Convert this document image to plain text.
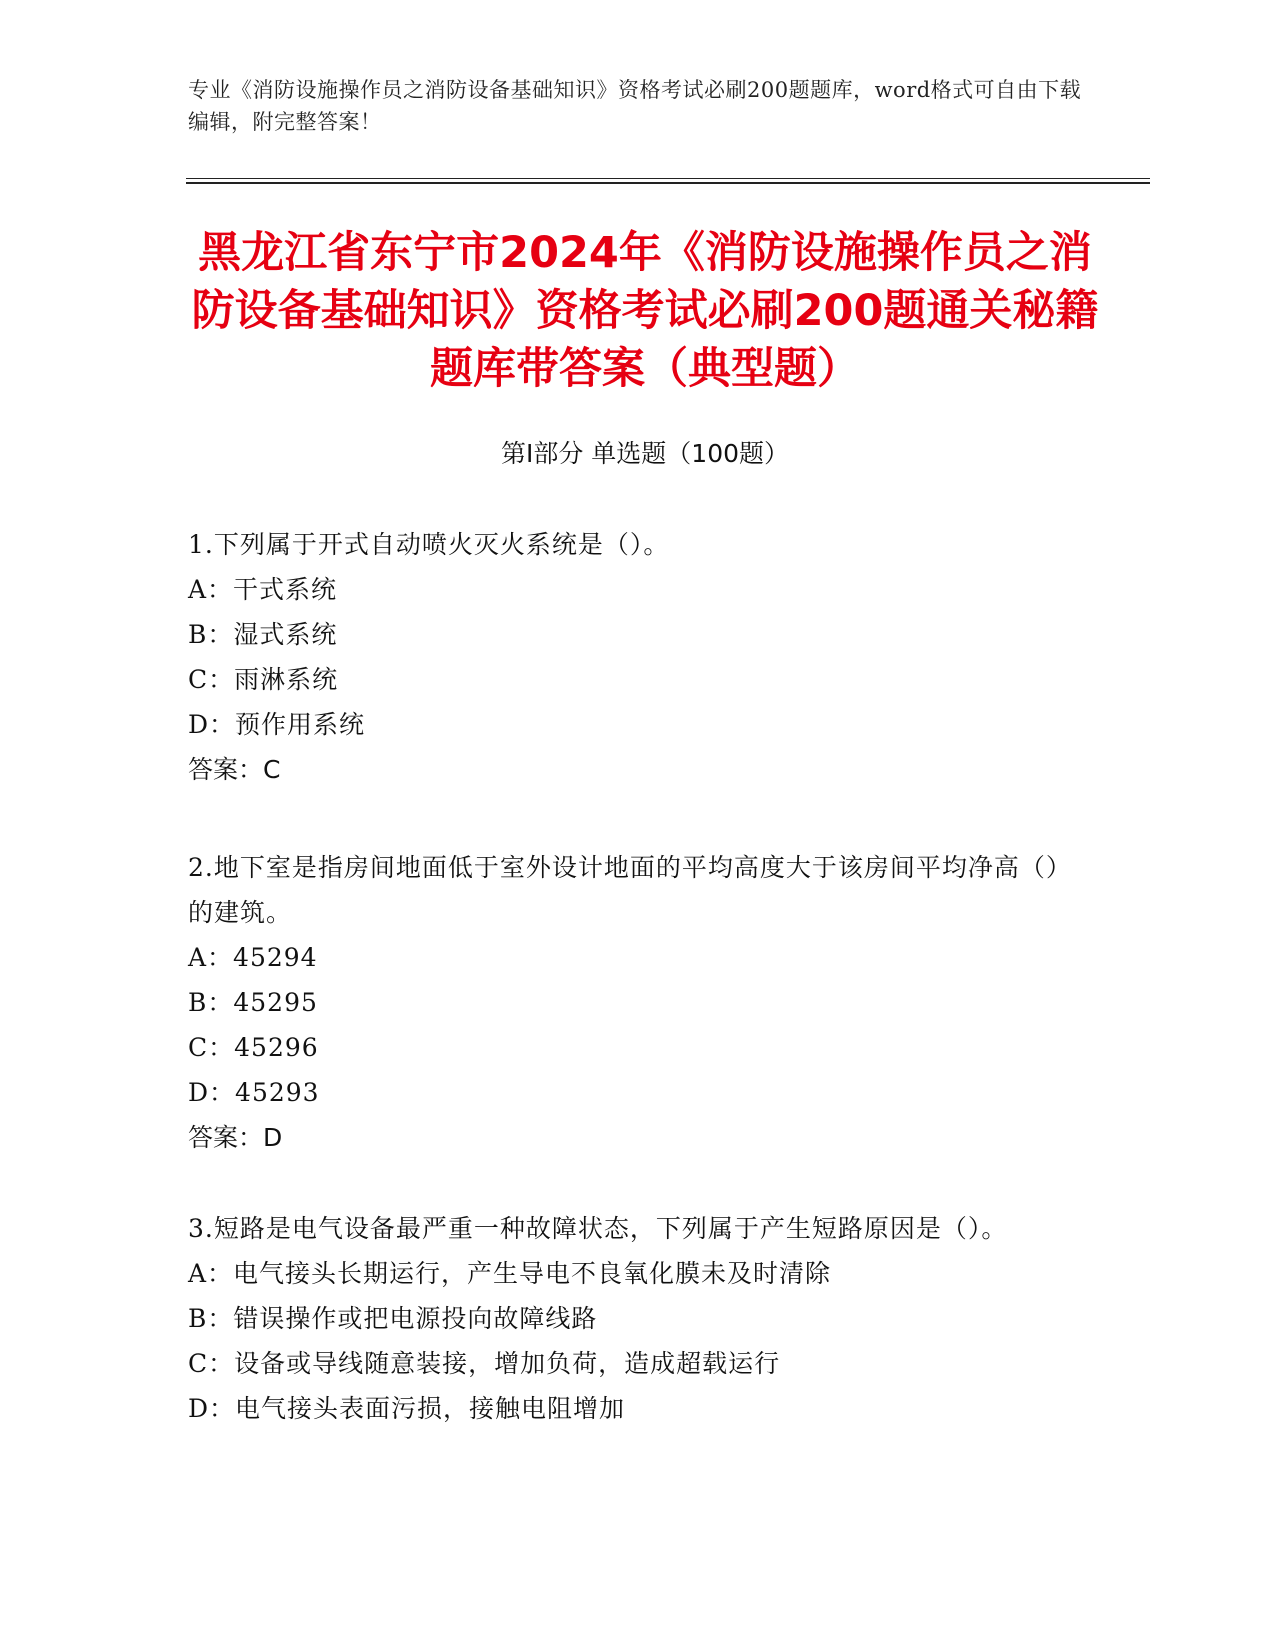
专业《消防设施操作员之消防设备基础知识》资格考试必刷200题题库，word格式可自由下载编辑，附完整答案！
黑龙江省东宁市2024年《消防设施操作员之消防设备基础知识》资格考试必刷200题通关秘籍题库带答案（典型题）
第I部分 单选题（100题）
1.下列属于开式自动喷火灭火系统是（）。
A：干式系统
B：湿式系统
C：雨淋系统
D：预作用系统
答案：C
2.地下室是指房间地面低于室外设计地面的平均高度大于该房间平均净高（）的建筑。
A：45294
B：45295
C：45296
D：45293
答案：D
3.短路是电气设备最严重一种故障状态，下列属于产生短路原因是（）。
A：电气接头长期运行，产生导电不良氧化膜未及时清除
B：错误操作或把电源投向故障线路
C：设备或导线随意装接，增加负荷，造成超载运行
D：电气接头表面污损，接触电阻增加
